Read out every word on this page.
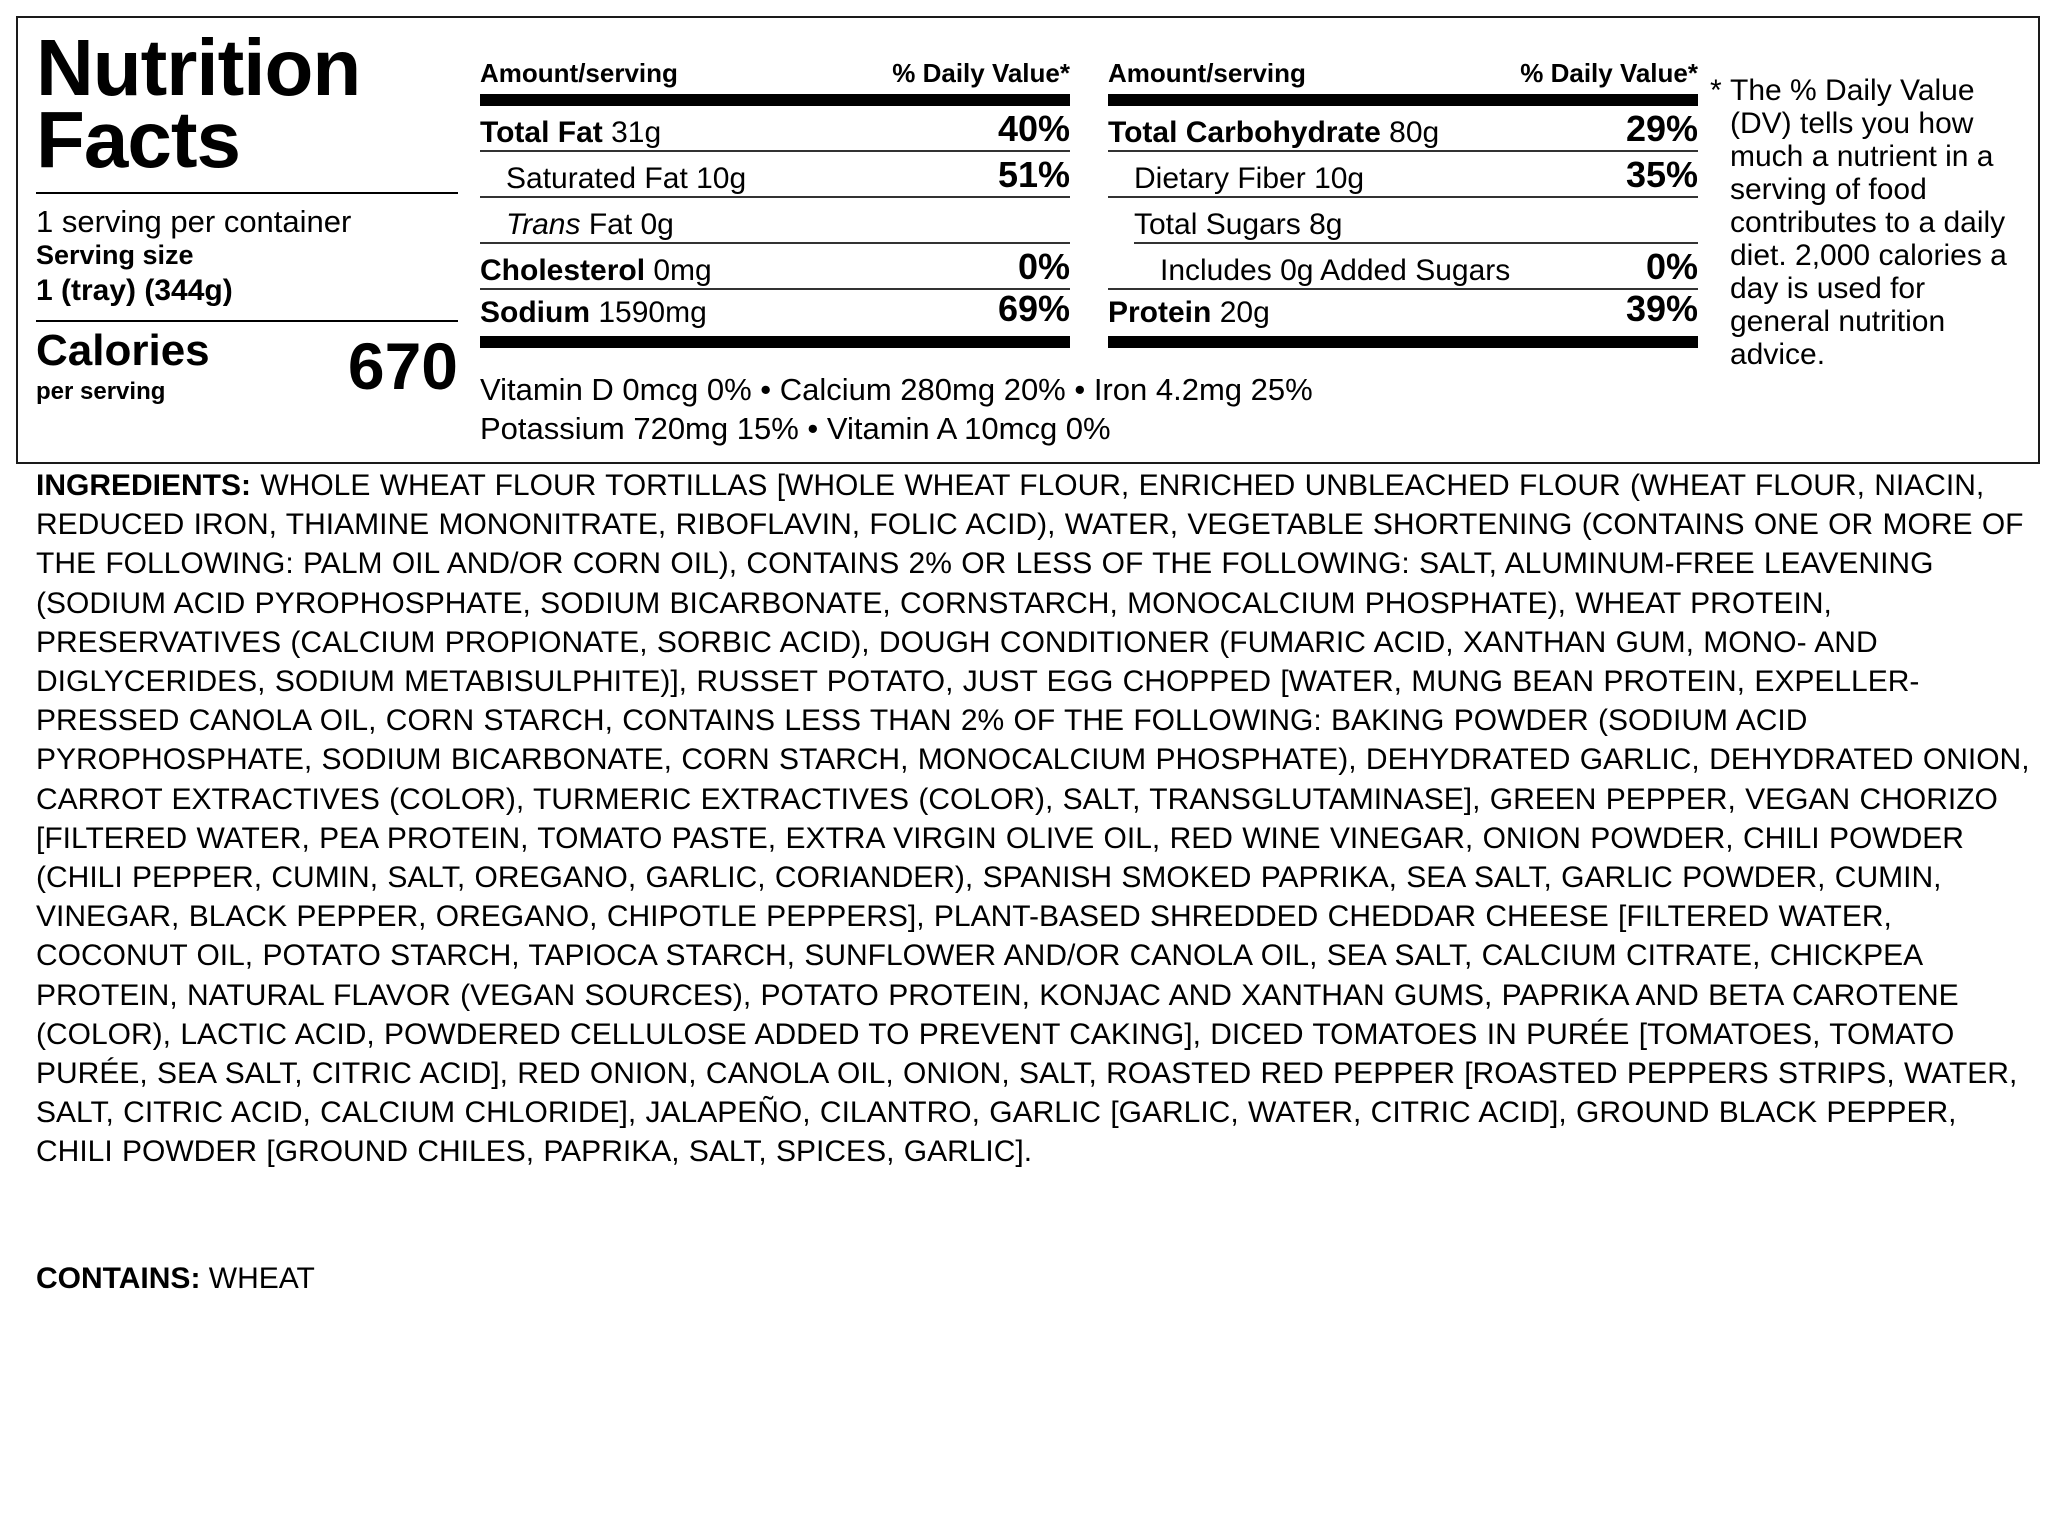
Nutrition Facts
1 serving per container
Serving size
1 (tray) (344g)
Calories
per serving	670
Amount/serving	% Daily Value*
Total Fat 31g	40%
Saturated Fat 10g	51%
Trans Fat 0g
Cholesterol 0mg	0%
Sodium 1590mg	69%
Amount/serving	% Daily Value*
Total Carbohydrate 80g	29%
Dietary Fiber 10g	35%
Total Sugars 8g
Includes 0g Added Sugars	0%
Protein 20g	39%
Vitamin D 0mcg 0% • Calcium 280mg 20% • Iron 4.2mg 25%
Potassium 720mg 15% • Vitamin A 10mcg 0%
* The % Daily Value (DV) tells you how much a nutrient in a serving of food contributes to a daily diet. 2,000 calories a day is used for general nutrition advice.

INGREDIENTS: WHOLE WHEAT FLOUR TORTILLAS [WHOLE WHEAT FLOUR, ENRICHED UNBLEACHED FLOUR (WHEAT FLOUR, NIACIN, REDUCED IRON, THIAMINE MONONITRATE, RIBOFLAVIN, FOLIC ACID), WATER, VEGETABLE SHORTENING (CONTAINS ONE OR MORE OF THE FOLLOWING: PALM OIL AND/OR CORN OIL), CONTAINS 2% OR LESS OF THE FOLLOWING: SALT, ALUMINUM-FREE LEAVENING (SODIUM ACID PYROPHOSPHATE, SODIUM BICARBONATE, CORNSTARCH, MONOCALCIUM PHOSPHATE), WHEAT PROTEIN, PRESERVATIVES (CALCIUM PROPIONATE, SORBIC ACID), DOUGH CONDITIONER (FUMARIC ACID, XANTHAN GUM, MONO- AND DIGLYCERIDES, SODIUM METABISULPHITE)], RUSSET POTATO, JUST EGG CHOPPED [WATER, MUNG BEAN PROTEIN, EXPELLER-PRESSED CANOLA OIL, CORN STARCH, CONTAINS LESS THAN 2% OF THE FOLLOWING: BAKING POWDER (SODIUM ACID PYROPHOSPHATE, SODIUM BICARBONATE, CORN STARCH, MONOCALCIUM PHOSPHATE), DEHYDRATED GARLIC, DEHYDRATED ONION, CARROT EXTRACTIVES (COLOR), TURMERIC EXTRACTIVES (COLOR), SALT, TRANSGLUTAMINASE], GREEN PEPPER, VEGAN CHORIZO [FILTERED WATER, PEA PROTEIN, TOMATO PASTE, EXTRA VIRGIN OLIVE OIL, RED WINE VINEGAR, ONION POWDER, CHILI POWDER (CHILI PEPPER, CUMIN, SALT, OREGANO, GARLIC, CORIANDER), SPANISH SMOKED PAPRIKA, SEA SALT, GARLIC POWDER, CUMIN, VINEGAR, BLACK PEPPER, OREGANO, CHIPOTLE PEPPERS], PLANT-BASED SHREDDED CHEDDAR CHEESE [FILTERED WATER, COCONUT OIL, POTATO STARCH, TAPIOCA STARCH, SUNFLOWER AND/OR CANOLA OIL, SEA SALT, CALCIUM CITRATE, CHICKPEA PROTEIN, NATURAL FLAVOR (VEGAN SOURCES), POTATO PROTEIN, KONJAC AND XANTHAN GUMS, PAPRIKA AND BETA CAROTENE (COLOR), LACTIC ACID, POWDERED CELLULOSE ADDED TO PREVENT CAKING], DICED TOMATOES IN PURÉE [TOMATOES, TOMATO PURÉE, SEA SALT, CITRIC ACID], RED ONION, CANOLA OIL, ONION, SALT, ROASTED RED PEPPER [ROASTED PEPPERS STRIPS, WATER, SALT, CITRIC ACID, CALCIUM CHLORIDE], JALAPEÑO, CILANTRO, GARLIC [GARLIC, WATER, CITRIC ACID], GROUND BLACK PEPPER, CHILI POWDER [GROUND CHILES, PAPRIKA, SALT, SPICES, GARLIC].

CONTAINS: WHEAT
